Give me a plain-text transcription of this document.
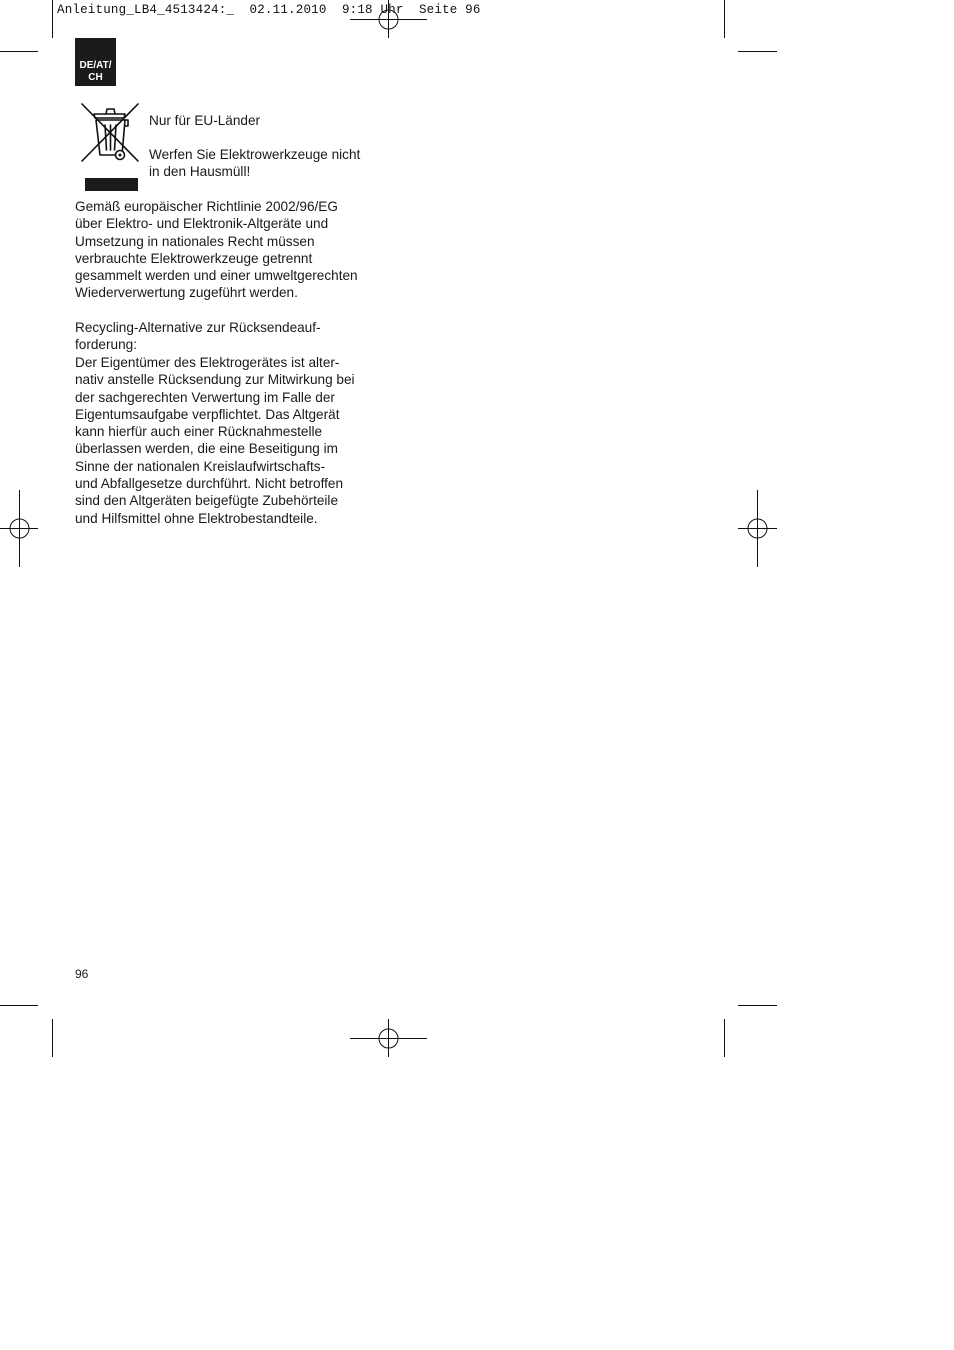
Anleitung_LB4_4513424:_  02.11.2010  9:18 Uhr  Seite 96
DE/AT/
CH

Nur für EU-Länder

Werfen Sie Elektrowerkzeuge nicht

in den Hausmüll!

Gemäß europäischer Richtlinie 2002/96/EG

über Elektro- und Elektronik-Altgeräte und

Umsetzung in nationales Recht müssen

verbrauchte Elektrowerkzeuge getrennt

gesammelt werden und einer umweltgerechten

Wiederverwertung zugeführt werden.

Recycling-Alternative zur Rücksendeauf-

forderung:

Der Eigentümer des Elektrogerätes ist alter-

nativ anstelle Rücksendung zur Mitwirkung bei

der sachgerechten Verwertung im Falle der

Eigentumsaufgabe verpflichtet. Das Altgerät

kann hierfür auch einer Rücknahmestelle

überlassen werden, die eine Beseitigung im

Sinne der nationalen Kreislaufwirtschafts-

und Abfallgesetze durchführt. Nicht betroffen

sind den Altgeräten beigefügte Zubehörteile

und Hilfsmittel ohne Elektrobestandteile.

96
